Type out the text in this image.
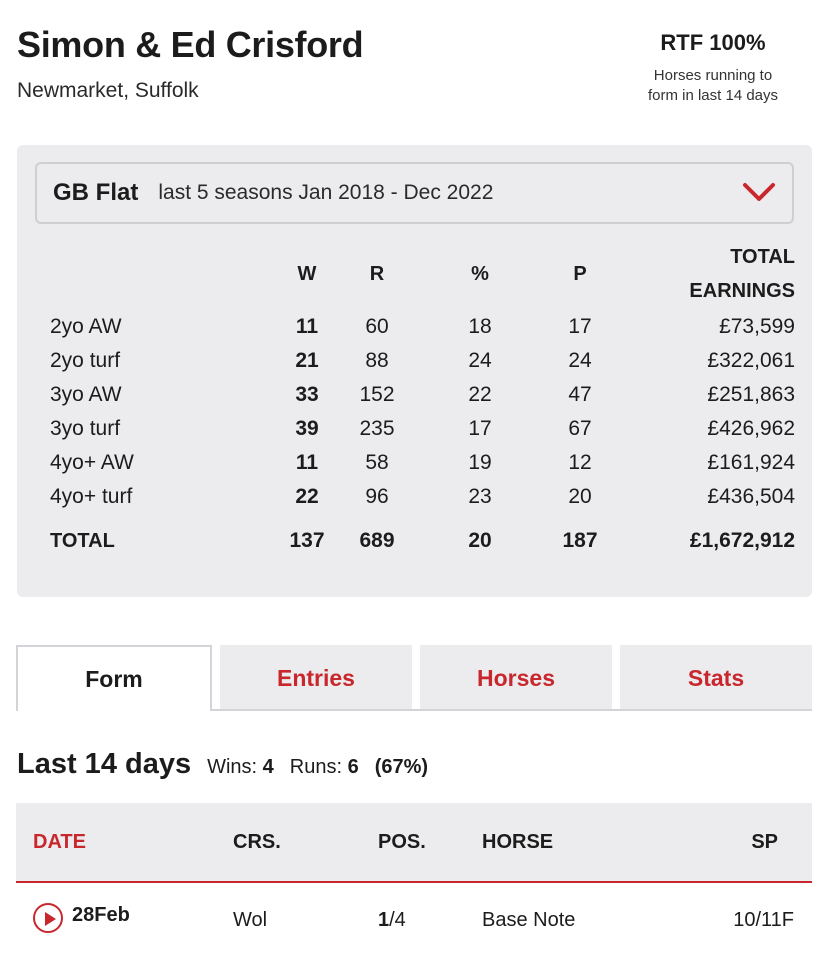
Simon & Ed Crisford
Newmarket, Suffolk
RTF 100%
Horses running to
form in last 14 days
GB Flat last 5 seasons Jan 2018 - Dec 2022
W	R	%	P
TOTAL
EARNINGS
2yo AW	11	60	18	17	£73,599
2yo turf	21	88	24	24	£322,061
3yo AW	33	152	22	47	£251,863
3yo turf	39	235	17	67	£426,962
4yo+ AW	11	58	19	12	£161,924
4yo+ turf	22	96	23	20	£436,504
TOTAL	137	689	20	187	£1,672,912
Form	Entries	Horses	Stats
Last 14 days Wins: 4 Runs: 6 (67%)
DATE	CRS.	POS.	HORSE	SP
28Feb	Wol	1/4	Base Note	10/11F
